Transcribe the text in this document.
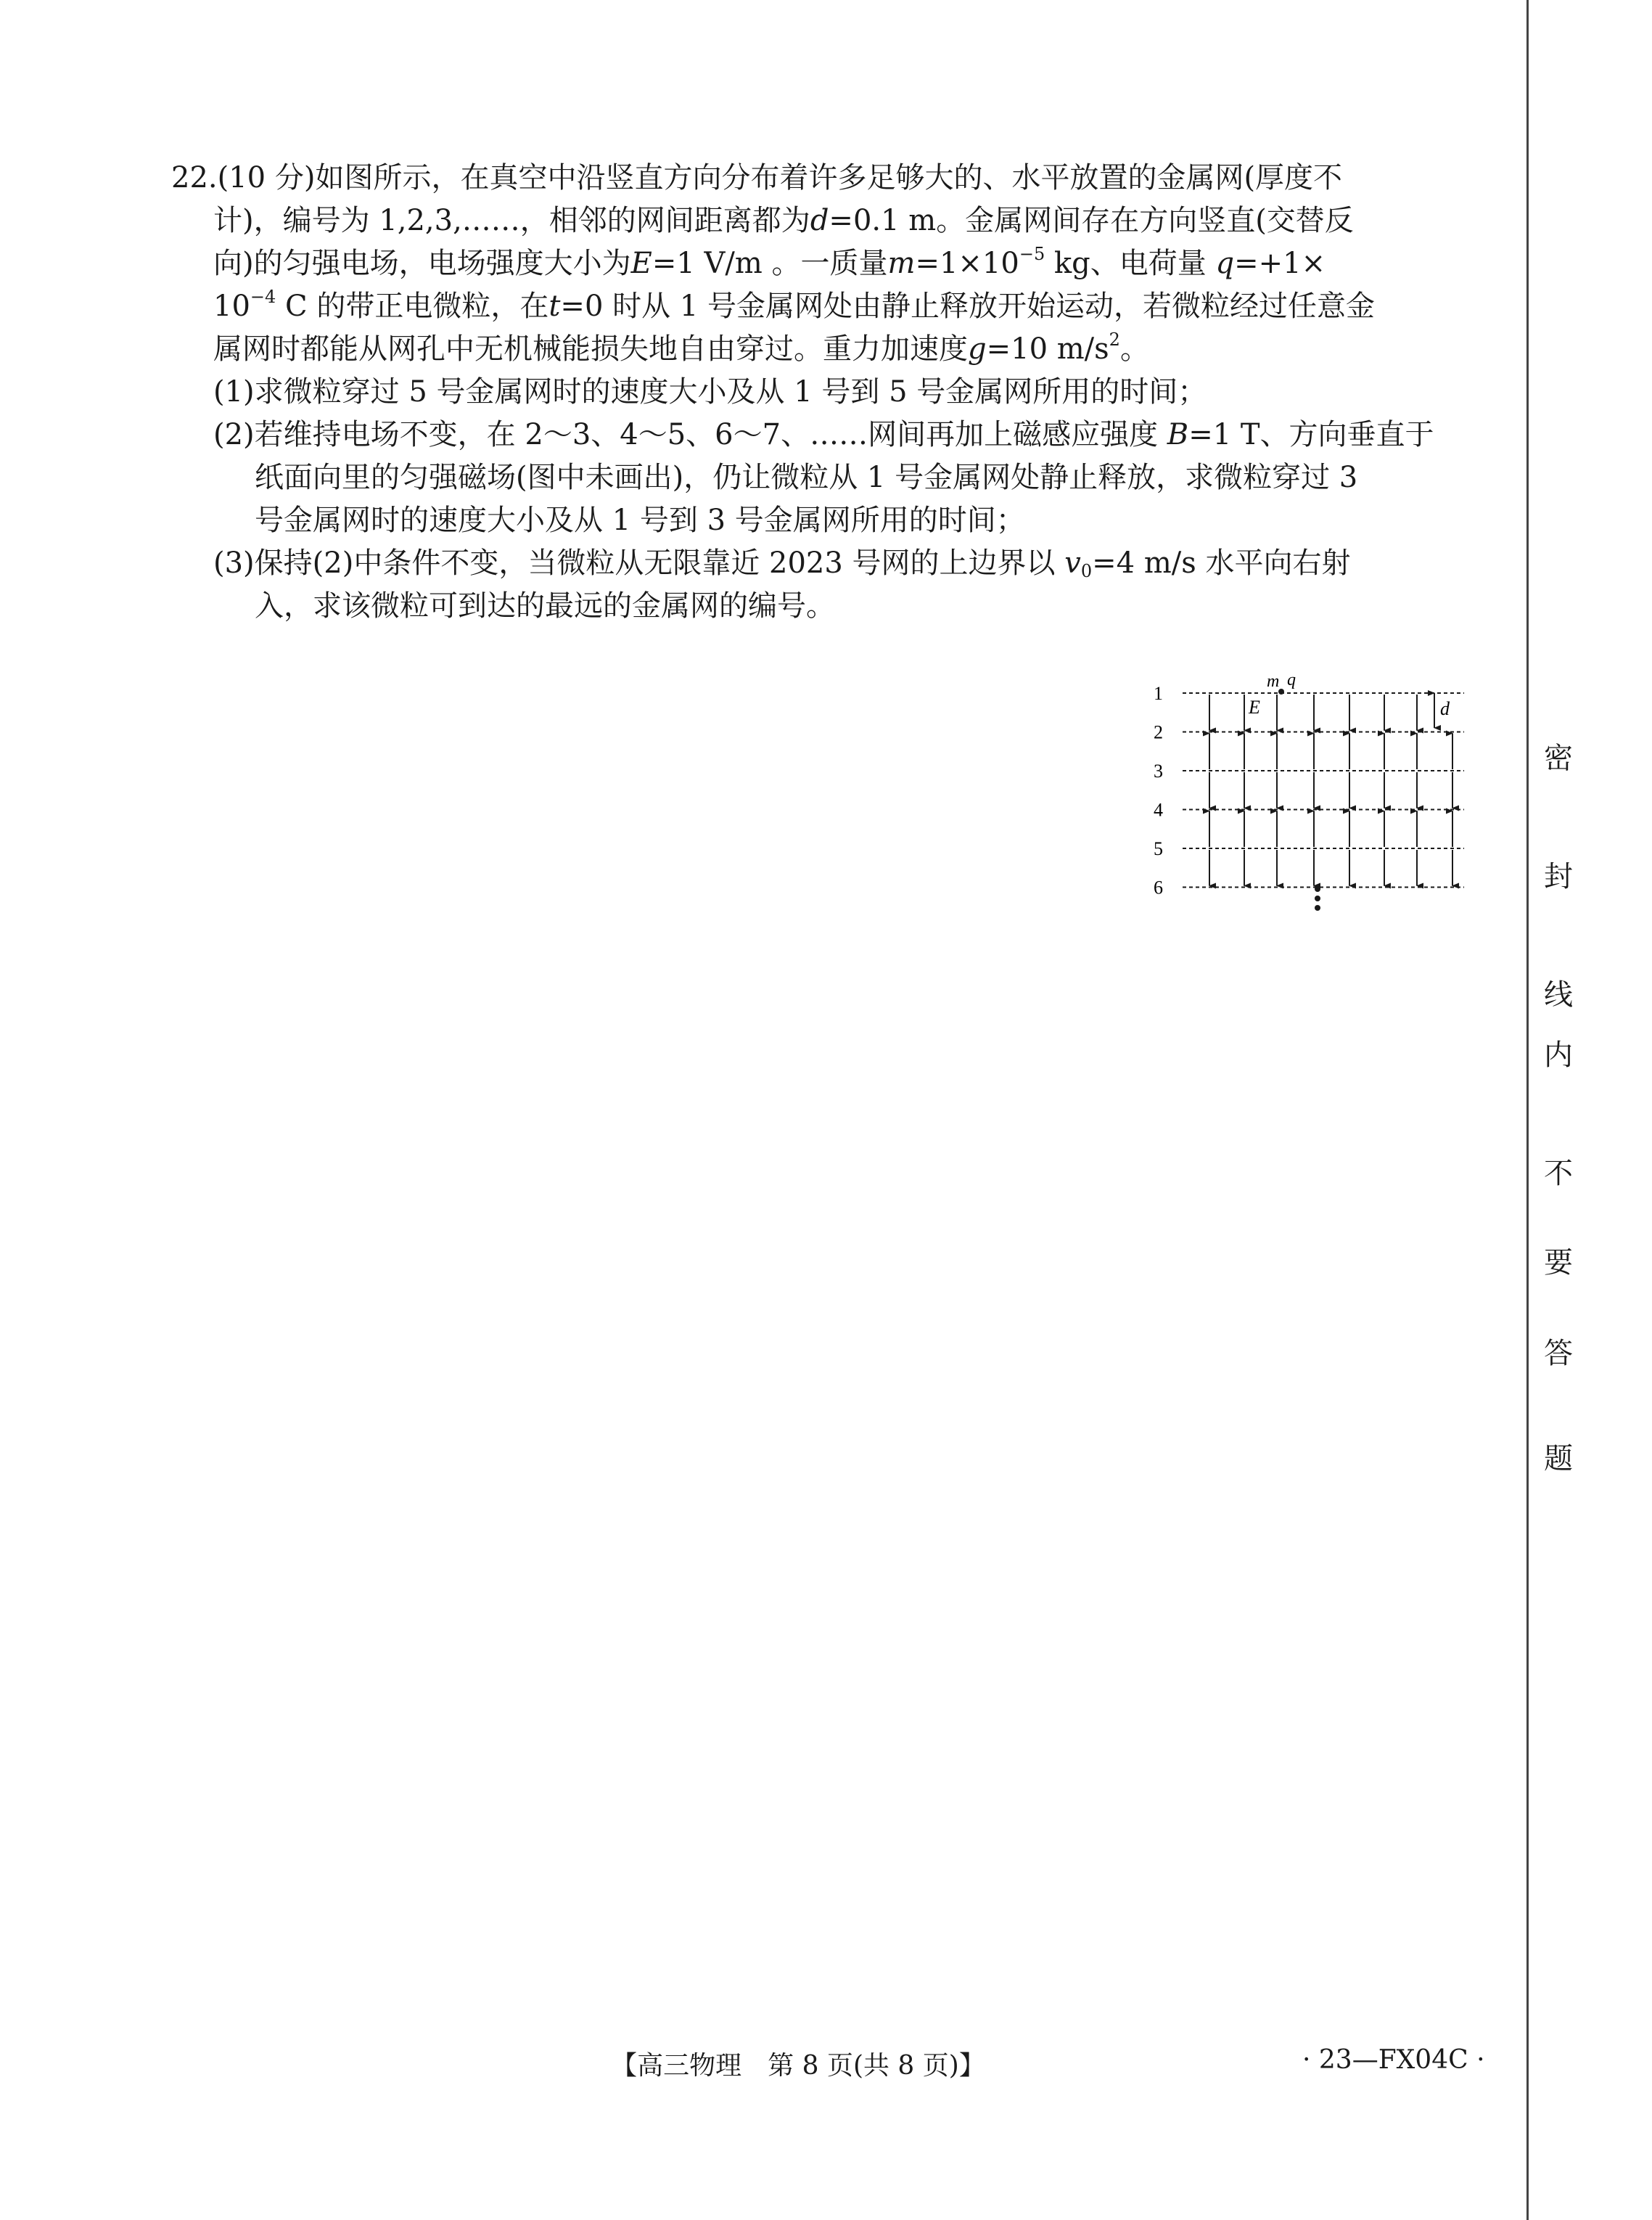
密
封
线
内
不
要
答
题
22.(10 分)如图所示，在真空中沿竖直方向分布着许多足够大的、水平放置的金属网(厚度不
计)，编号为 1,2,3,……，相邻的网间距离都为d=0.1 m。金属网间存在方向竖直(交替反
向)的匀强电场，电场强度大小为E=1 V/m 。一质量$m=1\times 10^{-5}$ kg、电荷量 q=+1×
$10^{-4}$ C 的带正电微粒，在t=0 时从 1 号金属网处由静止释放开始运动，若微粒经过任意金
属网时都能从网孔中无机械能损失地自由穿过。重力加速度g=10 $m/s^2$。
(1)求微粒穿过 5 号金属网时的速度大小及从 1 号到 5 号金属网所用的时间；
(2)若维持电场不变，在 2～3、4～5、6～7、……网间再加上磁感应强度 B=1 T、方向垂直于
纸面向里的匀强磁场(图中未画出)，仍让微粒从 1 号金属网处静止释放，求微粒穿过 3
号金属网时的速度大小及从 1 号到 3 号金属网所用的时间；
(3)保持(2)中条件不变，当微粒从无限靠近 2023 号网的上边界以 $v_0=4$ m/s 水平向右射
入，求该微粒可到达的最远的金属网的编号。
1
2
3
4
5
6
m q
E	d
【高三物理　第 8 页(共 8 页)】	· 23—FX04C ·
